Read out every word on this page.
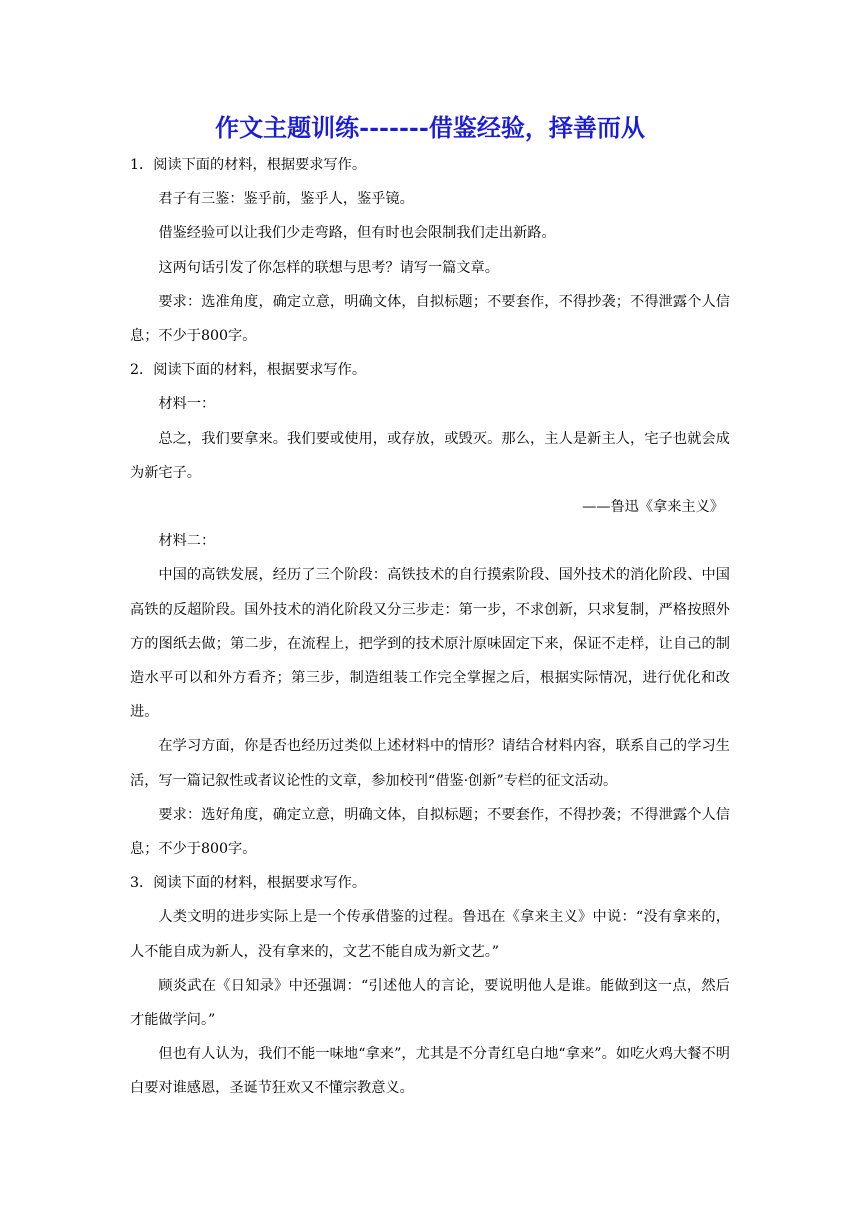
作文主题训练-------借鉴经验，择善而从

1．阅读下面的材料，根据要求写作。

君子有三鉴：鉴乎前，鉴乎人，鉴乎镜。

借鉴经验可以让我们少走弯路，但有时也会限制我们走出新路。

这两句话引发了你怎样的联想与思考？请写一篇文章。

要求：选准角度，确定立意，明确文体，自拟标题；不要套作，不得抄袭；不得泄露个人信息；不少于800字。

2．阅读下面的材料，根据要求写作。

材料一：

总之，我们要拿来。我们要或使用，或存放，或毁灭。那么，主人是新主人，宅子也就会成为新宅子。

——鲁迅《拿来主义》

材料二：

中国的高铁发展，经历了三个阶段：高铁技术的自行摸索阶段、国外技术的消化阶段、中国高铁的反超阶段。国外技术的消化阶段又分三步走：第一步，不求创新，只求复制，严格按照外方的图纸去做；第二步，在流程上，把学到的技术原汁原味固定下来，保证不走样，让自己的制造水平可以和外方看齐；第三步，制造组装工作完全掌握之后，根据实际情况，进行优化和改进。

在学习方面，你是否也经历过类似上述材料中的情形？请结合材料内容，联系自己的学习生活，写一篇记叙性或者议论性的文章，参加校刊“借鉴·创新”专栏的征文活动。

要求：选好角度，确定立意，明确文体，自拟标题；不要套作，不得抄袭；不得泄露个人信息；不少于800字。

3．阅读下面的材料，根据要求写作。

人类文明的进步实际上是一个传承借鉴的过程。鲁迅在《拿来主义》中说：“没有拿来的，人不能自成为新人，没有拿来的，文艺不能自成为新文艺。”

顾炎武在《日知录》中还强调：“引述他人的言论，要说明他人是谁。能做到这一点，然后才能做学问。”

但也有人认为，我们不能一味地“拿来”，尤其是不分青红皂白地“拿来”。如吃火鸡大餐不明白要对谁感恩，圣诞节狂欢又不懂宗教意义。
